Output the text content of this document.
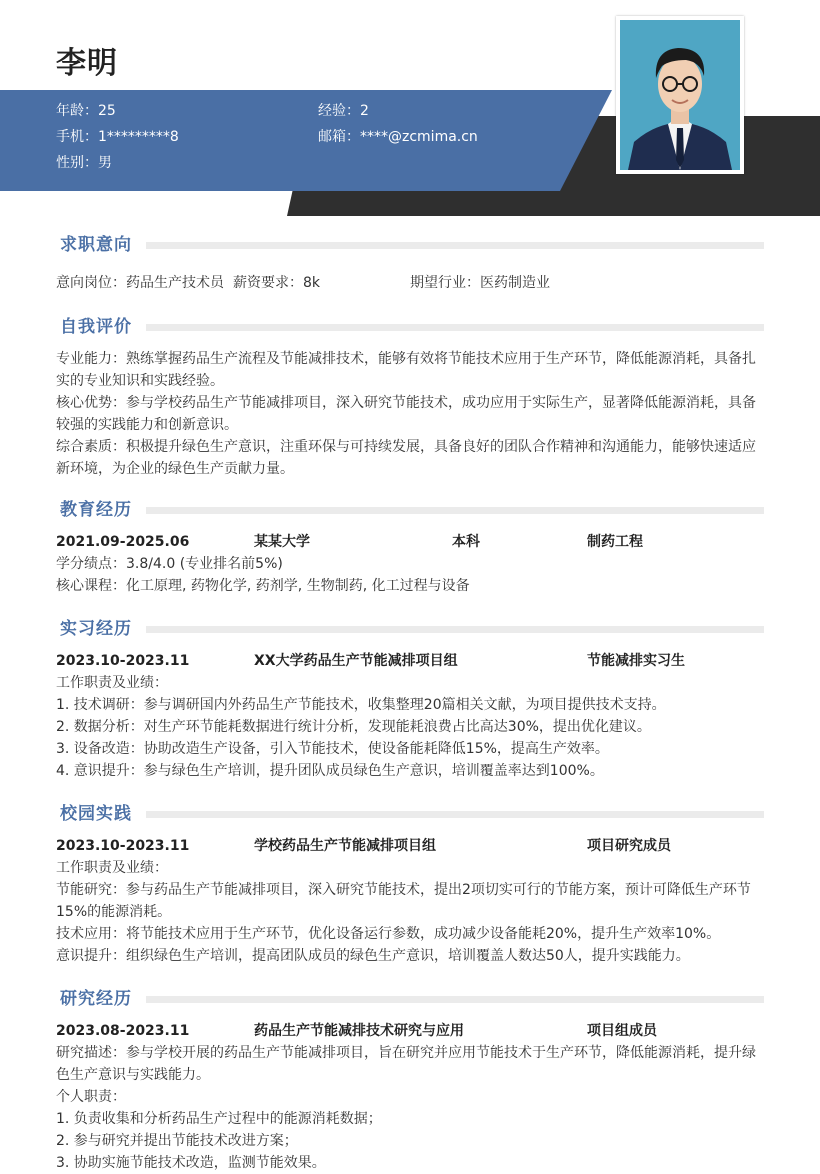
李明
年龄：25	经验：2
手机：1*********8	邮箱：****@zcmima.cn
性别：男
求职意向
意向岗位：药品生产技术员 薪资要求：8k	期望行业：医药制造业
自我评价
专业能力：熟练掌握药品生产流程及节能减排技术，能够有效将节能技术应用于生产环节，降低能源消耗，具备扎实的专业知识和实践经验。
核心优势：参与学校药品生产节能减排项目，深入研究节能技术，成功应用于实际生产，显著降低能源消耗，具备较强的实践能力和创新意识。
综合素质：积极提升绿色生产意识，注重环保与可持续发展，具备良好的团队合作精神和沟通能力，能够快速适应新环境，为企业的绿色生产贡献力量。
教育经历
2021.09-2025.06	某某大学	本科	制药工程
学分绩点：3.8/4.0 (专业排名前5%)
核心课程：化工原理, 药物化学, 药剂学, 生物制药, 化工过程与设备
实习经历
2023.10-2023.11	XX大学药品生产节能减排项目组	节能减排实习生
工作职责及业绩：
1. 技术调研：参与调研国内外药品生产节能技术，收集整理20篇相关文献，为项目提供技术支持。
2. 数据分析：对生产环节能耗数据进行统计分析，发现能耗浪费占比高达30%，提出优化建议。
3. 设备改造：协助改造生产设备，引入节能技术，使设备能耗降低15%，提高生产效率。
4. 意识提升：参与绿色生产培训，提升团队成员绿色生产意识，培训覆盖率达到100%。
校园实践
2023.10-2023.11	学校药品生产节能减排项目组	项目研究成员
工作职责及业绩：
节能研究：参与药品生产节能减排项目，深入研究节能技术，提出2项切实可行的节能方案，预计可降低生产环节15%的能源消耗。
技术应用：将节能技术应用于生产环节，优化设备运行参数，成功减少设备能耗20%，提升生产效率10%。
意识提升：组织绿色生产培训，提高团队成员的绿色生产意识，培训覆盖人数达50人，提升实践能力。
研究经历
2023.08-2023.11	药品生产节能减排技术研究与应用	项目组成员
研究描述：参与学校开展的药品生产节能减排项目，旨在研究并应用节能技术于生产环节，降低能源消耗，提升绿色生产意识与实践能力。
个人职责：
1. 负责收集和分析药品生产过程中的能源消耗数据；
2. 参与研究并提出节能技术改进方案；
3. 协助实施节能技术改造，监测节能效果。
